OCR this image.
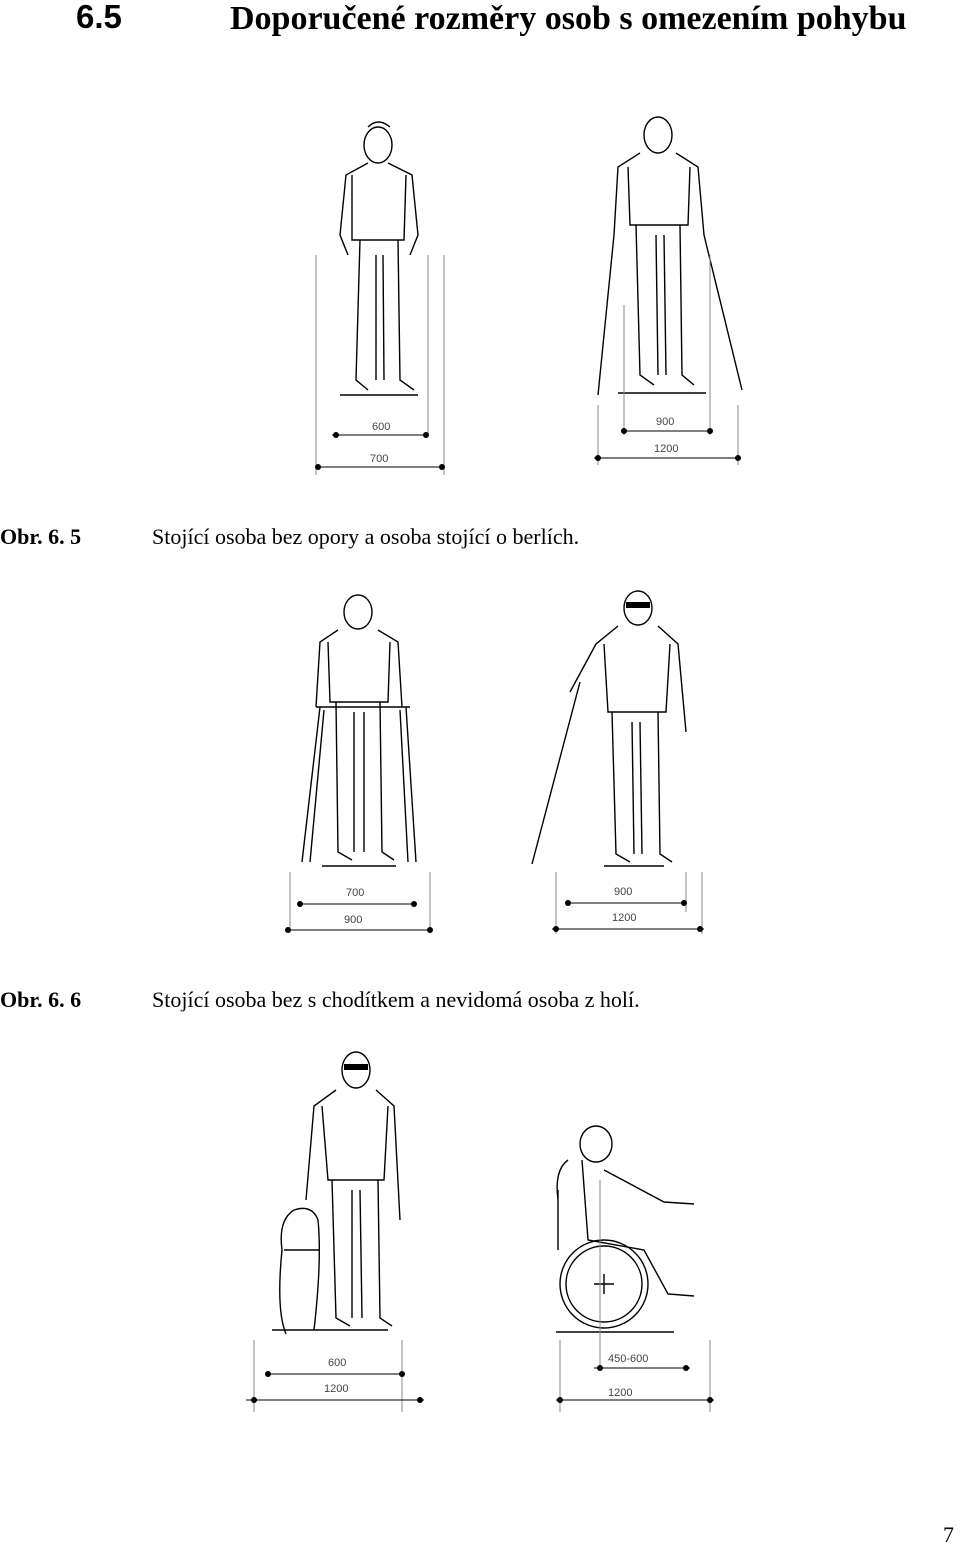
6.5	Doporučené rozměry osob s omezením pohybu
600
700
900
1200
Obr. 6. 5	Stojící osoba bez opory a osoba stojící o berlích.
700
900
900
1200
Obr. 6. 6	Stojící osoba bez s chodítkem a nevidomá osoba z holí.
600
1200
450-600
1200
7
